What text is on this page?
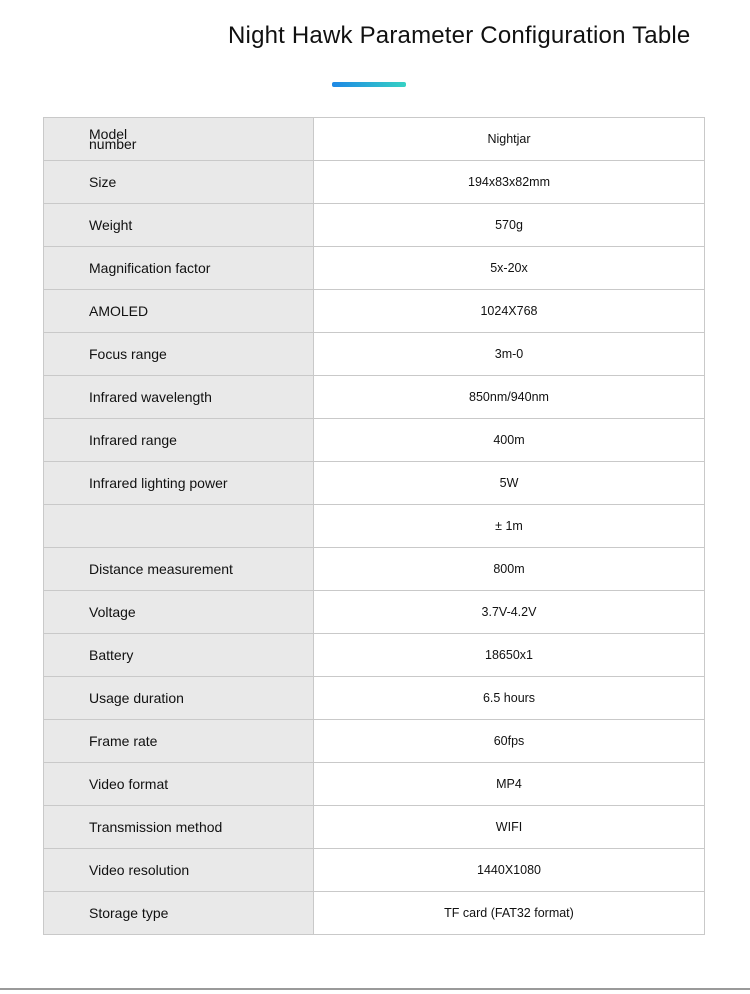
Night Hawk Parameter Configuration Table
Model
number	Nightjar
Size	194x83x82mm
Weight	570g
Magnification factor	5x-20x
AMOLED	1024X768
Focus range	3m-0
Infrared wavelength	850nm/940nm
Infrared range	400m
Infrared lighting power	5W
	± 1m
Distance measurement	800m
Voltage	3.7V-4.2V
Battery	18650x1
Usage duration	6.5 hours
Frame rate	60fps
Video format	MP4
Transmission method	WIFI
Video resolution	1440X1080
Storage type	TF card (FAT32 format)
